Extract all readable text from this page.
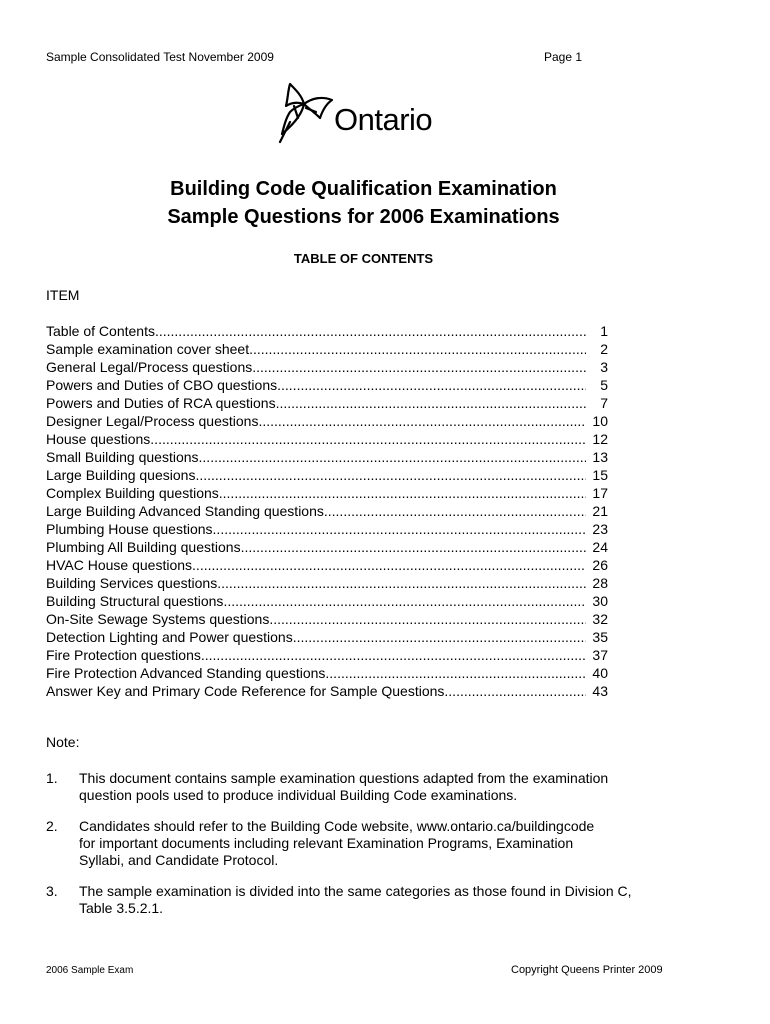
Sample Consolidated Test November 2009	Page 1
Ontario
Building Code Qualification Examination
Sample Questions for 2006 Examinations
TABLE OF CONTENTS
ITEM
Table of Contents .....	1
Sample examination cover sheet .....	2
General Legal/Process questions .....	3
Powers and Duties of CBO questions .....	5
Powers and Duties of RCA questions .....	7
Designer Legal/Process questions .....	10
House questions .....	12
Small Building questions .....	13
Large Building quesions .....	15
Complex Building questions .....	17
Large Building Advanced Standing questions .....	21
Plumbing House questions .....	23
Plumbing All Building questions .....	24
HVAC House questions .....	26
Building Services questions .....	28
Building Structural questions .....	30
On-Site Sewage Systems questions .....	32
Detection Lighting and Power questions .....	35
Fire Protection questions .....	37
Fire Protection Advanced Standing questions .....	40
Answer Key and Primary Code Reference for Sample Questions .....	43
Note:
1. This document contains sample examination questions adapted from the examination
question pools used to produce individual Building Code examinations.
2. Candidates should refer to the Building Code website, www.ontario.ca/buildingcode
for important documents including relevant Examination Programs, Examination
Syllabi, and Candidate Protocol.
3. The sample examination is divided into the same categories as those found in Division C,
Table 3.5.2.1.
2006 Sample Exam	Copyright Queens Printer 2009
